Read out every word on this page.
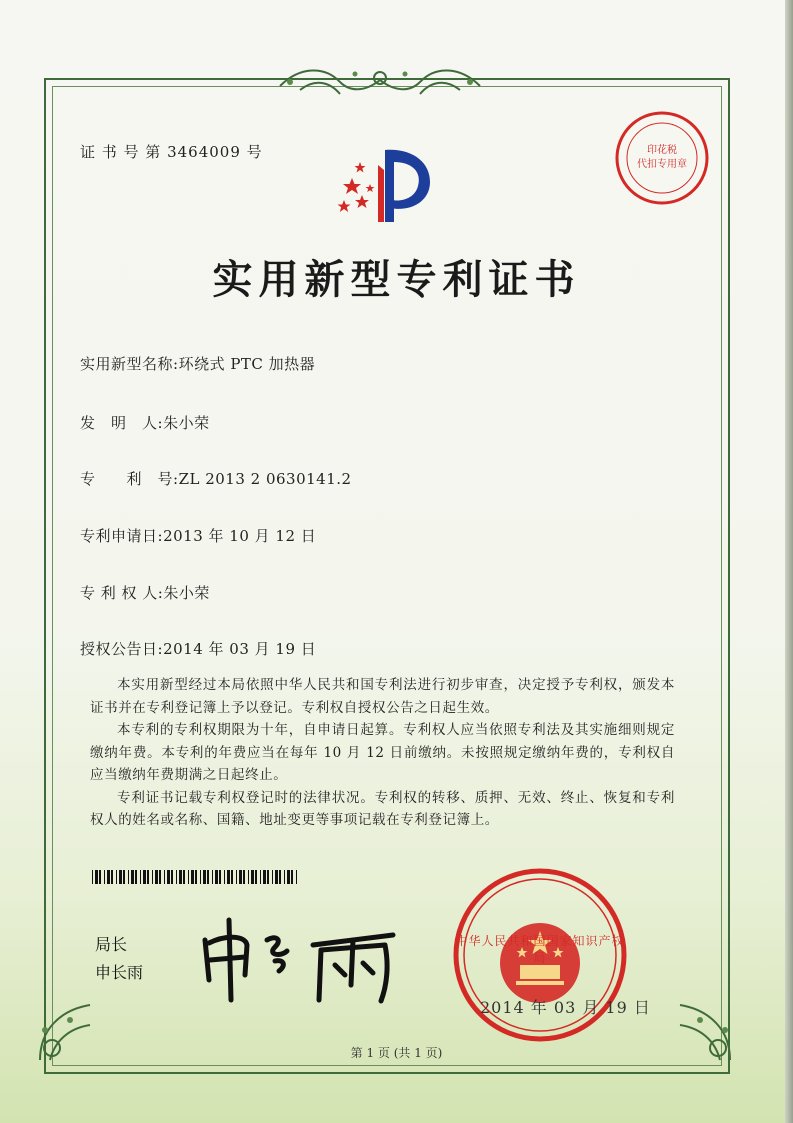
证 书 号 第 3464009 号	印花税
代扣专用章
实用新型专利证书
实用新型名称:环绕式 PTC 加热器
发　明　人:朱小荣
专　　利　号:ZL 2013 2 0630141.2
专利申请日:2013 年 10 月 12 日
专 利 权 人:朱小荣
授权公告日:2014 年 03 月 19 日

本实用新型经过本局依照中华人民共和国专利法进行初步审查，决定授予专利权，颁发本证书并在专利登记簿上予以登记。专利权自授权公告之日起生效。

本专利的专利权期限为十年，自申请日起算。专利权人应当依照专利法及其实施细则规定缴纳年费。本专利的年费应当在每年 10 月 12 日前缴纳。未按照规定缴纳年费的，专利权自应当缴纳年费期满之日起终止。

专利证书记载专利权登记时的法律状况。专利权的转移、质押、无效、终止、恢复和专利权人的姓名或名称、国籍、地址变更等事项记载在专利登记簿上。

局长
申长雨
中华人民共和国国家知识产权局
2014 年 03 月 19 日
第 1 页 (共 1 页)
